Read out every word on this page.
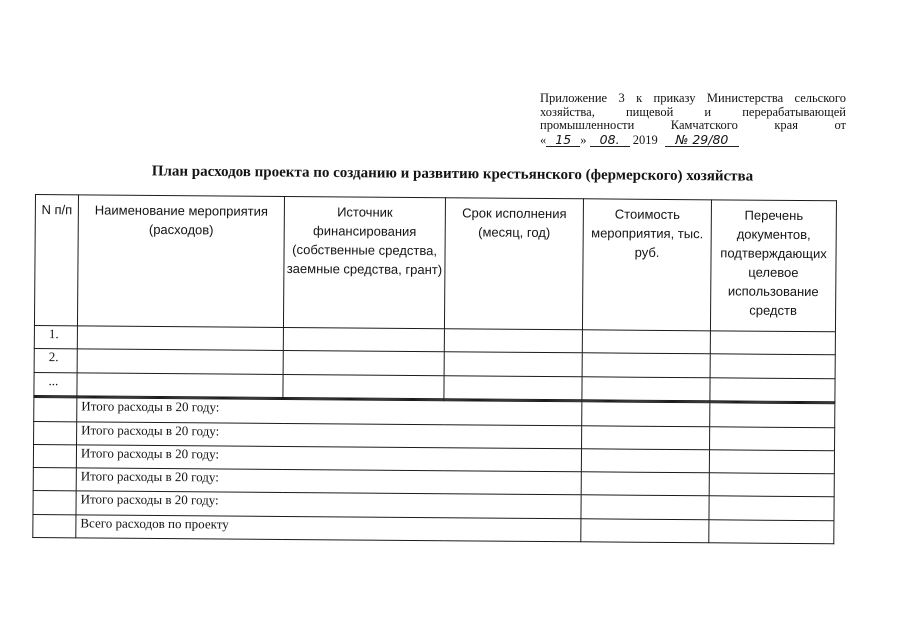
Приложение 3 к приказу Министерства сельского
хозяйства, пищевой и перерабатывающей
промышленности Камчатского края от
« 15 » 08. 2019 № 29/80
План расходов проекта по созданию и развитию крестьянского (фермерского) хозяйства
N п/п	Наименование мероприятия (расходов)	Источник финансирования (собственные средства, заемные средства, грант)	Срок исполнения (месяц, год)	Стоимость мероприятия, тыс. руб.	Перечень документов, подтверждающих целевое использование средств
1.					
2.					
...					

	Итого расходы в 20 году:				
	Итого расходы в 20 году:				
	Итого расходы в 20 году:				
	Итого расходы в 20 году:				
	Итого расходы в 20 году:				
	Всего расходов по проекту				
